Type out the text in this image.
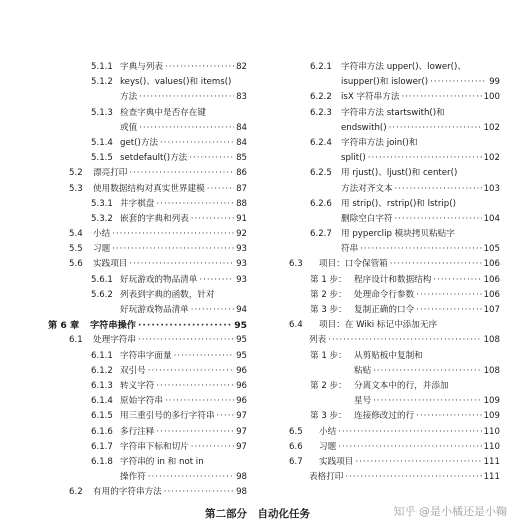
5.1.1 字典与列表 ·····	82
5.1.2 keys()、values()和 items()
方法 ·····	83
5.1.3 检查字典中是否存在键
或值 ·····	84
5.1.4 get()方法 ·····	84
5.1.5 setdefault()方法 ·····	85
5.2 漂亮打印 ·····	86
5.3 使用数据结构对真实世界建模 ·····	87
5.3.1 井字棋盘 ·····	88
5.3.2 嵌套的字典和列表 ·····	91
5.4 小结 ·····	92
5.5 习题 ·····	93
5.6 实践项目 ·····	93
5.6.1 好玩游戏的物品清单 ·····	93
5.6.2 列表到字典的函数，针对
好玩游戏物品清单 ·····	94
第 6 章 字符串操作 ·····	95
6.1 处理字符串 ·····	95
6.1.1 字符串字面量 ·····	95
6.1.2 双引号 ·····	96
6.1.3 转义字符 ·····	96
6.1.4 原始字符串 ·····	96
6.1.5 用三重引号的多行字符串 ·····	97
6.1.6 多行注释 ·····	97
6.1.7 字符串下标和切片 ·····	97
6.1.8 字符串的 in 和 not in
操作符 ·····	98
6.2 有用的字符串方法 ·····	98
6.2.1 字符串方法 upper()、lower()、
isupper()和 islower() ·····	99
6.2.2 isX 字符串方法 ·····	100
6.2.3 字符串方法 startswith()和
endswith() ·····	102
6.2.4 字符串方法 join()和
split() ·····	102
6.2.5 用 rjust()、ljust()和 center()
方法对齐文本 ·····	103
6.2.6 用 strip()、rstrip()和 lstrip()
删除空白字符 ·····	104
6.2.7 用 pyperclip 模块拷贝粘贴字
符串 ·····	105
6.3 项目：口令保管箱 ·····	106
第 1 步： 程序设计和数据结构 ·····	106
第 2 步： 处理命令行参数 ·····	106
第 3 步： 复制正确的口令 ·····	107
6.4 项目：在 Wiki 标记中添加无序
列表 ·····	108
第 1 步： 从剪贴板中复制和
粘贴 ·····	108
第 2 步： 分离文本中的行，并添加
星号 ·····	109
第 3 步： 连接修改过的行 ·····	109
6.5 小结 ·····	110
6.6 习题 ·····	110
6.7 实践项目 ·····	111
表格打印 ·····	111
第二部分　自动化任务	知乎 @是小橘还是小鞠
